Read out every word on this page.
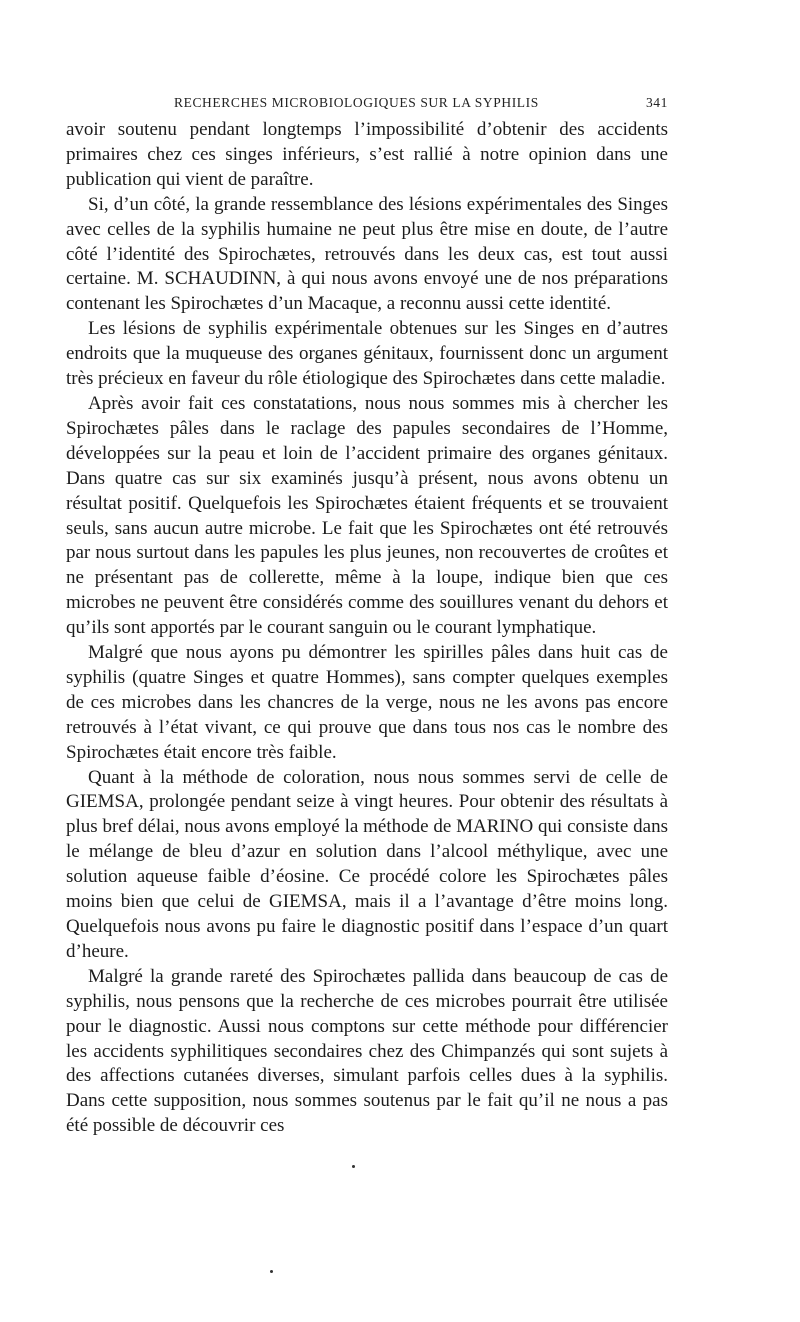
RECHERCHES MICROBIOLOGIQUES SUR LA SYPHILIS	341

avoir soutenu pendant longtemps l’impossibilité d’obtenir des accidents primaires chez ces singes inférieurs, s’est rallié à notre opinion dans une publication qui vient de paraître.

Si, d’un côté, la grande ressemblance des lésions expérimentales des Singes avec celles de la syphilis humaine ne peut plus être mise en doute, de l’autre côté l’identité des Spirochætes, retrouvés dans les deux cas, est tout aussi certaine. M. SCHAUDINN, à qui nous avons envoyé une de nos préparations contenant les Spirochætes d’un Macaque, a reconnu aussi cette identité.

Les lésions de syphilis expérimentale obtenues sur les Singes en d’autres endroits que la muqueuse des organes génitaux, fournissent donc un argument très précieux en faveur du rôle étiologique des Spirochætes dans cette maladie.

Après avoir fait ces constatations, nous nous sommes mis à chercher les Spirochætes pâles dans le raclage des papules secondaires de l’Homme, développées sur la peau et loin de l’accident primaire des organes génitaux. Dans quatre cas sur six examinés jusqu’à présent, nous avons obtenu un résultat positif. Quelquefois les Spirochætes étaient fréquents et se trouvaient seuls, sans aucun autre microbe. Le fait que les Spirochætes ont été retrouvés par nous surtout dans les papules les plus jeunes, non recouvertes de croûtes et ne présentant pas de collerette, même à la loupe, indique bien que ces microbes ne peuvent être considérés comme des souillures venant du dehors et qu’ils sont apportés par le courant sanguin ou le courant lymphatique.

Malgré que nous ayons pu démontrer les spirilles pâles dans huit cas de syphilis (quatre Singes et quatre Hommes), sans compter quelques exemples de ces microbes dans les chancres de la verge, nous ne les avons pas encore retrouvés à l’état vivant, ce qui prouve que dans tous nos cas le nombre des Spirochætes était encore très faible.

Quant à la méthode de coloration, nous nous sommes servi de celle de GIEMSA, prolongée pendant seize à vingt heures. Pour obtenir des résultats à plus bref délai, nous avons employé la méthode de MARINO qui consiste dans le mélange de bleu d’azur en solution dans l’alcool méthylique, avec une solution aqueuse faible d’éosine. Ce procédé colore les Spirochætes pâles moins bien que celui de GIEMSA, mais il a l’avantage d’être moins long. Quelquefois nous avons pu faire le diagnostic positif dans l’espace d’un quart d’heure.

Malgré la grande rareté des Spirochætes pallida dans beaucoup de cas de syphilis, nous pensons que la recherche de ces microbes pourrait être utilisée pour le diagnostic. Aussi nous comptons sur cette méthode pour différencier les accidents syphilitiques secondaires chez des Chimpanzés qui sont sujets à des affections cutanées diverses, simulant parfois celles dues à la syphilis. Dans cette supposition, nous sommes soutenus par le fait qu’il ne nous a pas été possible de découvrir ces
